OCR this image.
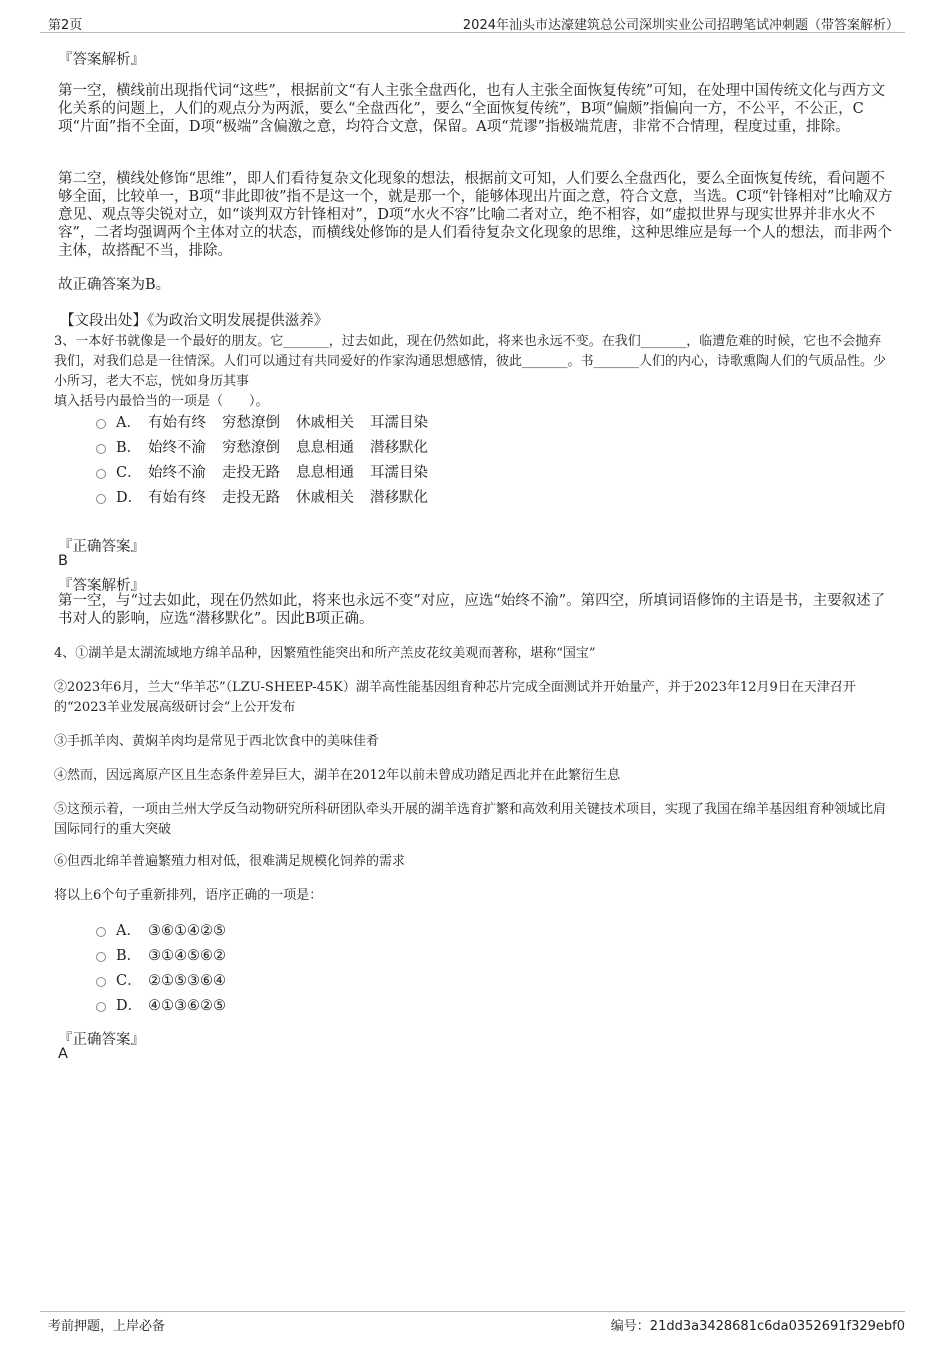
第2页	2024年汕头市达濠建筑总公司深圳实业公司招聘笔试冲刺题（带答案解析）
『答案解析』
第一空，横线前出现指代词“这些”，根据前文“有人主张全盘西化，也有人主张全面恢复传统”可知，在处理中国传统文化与西方文化关系的问题上，人们的观点分为两派，要么“全盘西化”，要么“全面恢复传统”，B项“偏颇”指偏向一方，不公平，不公正，C项“片面”指不全面，D项“极端”含偏激之意，均符合文意，保留。A项“荒谬”指极端荒唐，非常不合情理，程度过重，排除。
第二空，横线处修饰“思维”，即人们看待复杂文化现象的想法，根据前文可知，人们要么全盘西化，要么全面恢复传统，看问题不够全面，比较单一，B项“非此即彼”指不是这一个，就是那一个，能够体现出片面之意，符合文意，当选。C项“针锋相对”比喻双方意见、观点等尖锐对立，如“谈判双方针锋相对”，D项“水火不容”比喻二者对立，绝不相容，如“虚拟世界与现实世界并非水火不容”，二者均强调两个主体对立的状态，而横线处修饰的是人们看待复杂文化现象的思维，这种思维应是每一个人的想法，而非两个主体，故搭配不当，排除。
故正确答案为B。
【文段出处】《为政治文明发展提供滋养》
3、一本好书就像是一个最好的朋友。它_______，过去如此，现在仍然如此，将来也永远不变。在我们_______，临遭危难的时候，它也不会抛弃我们，对我们总是一往情深。人们可以通过有共同爱好的作家沟通思想感情，彼此_______。书_______人们的内心，诗歌熏陶人们的气质品性。少小所习，老大不忘，恍如身历其事
填入括号内最恰当的一项是（　　）。
A． 有始有终 穷愁潦倒 休戚相关 耳濡目染
B． 始终不渝 穷愁潦倒 息息相通 潜移默化
C． 始终不渝 走投无路 息息相通 耳濡目染
D． 有始有终 走投无路 休戚相关 潜移默化
『正确答案』
B
『答案解析』
第一空，与“过去如此，现在仍然如此，将来也永远不变”对应，应选“始终不渝”。第四空，所填词语修饰的主语是书，主要叙述了书对人的影响，应选“潜移默化”。因此B项正确。
4、①湖羊是太湖流域地方绵羊品种，因繁殖性能突出和所产羔皮花纹美观而著称，堪称“国宝”
②2023年6月，兰大“华羊芯”（LZU-SHEEP-45K）湖羊高性能基因组育种芯片完成全面测试并开始量产，并于2023年12月9日在天津召开的“2023羊业发展高级研讨会”上公开发布
③手抓羊肉、黄焖羊肉均是常见于西北饮食中的美味佳肴
④然而，因远离原产区且生态条件差异巨大，湖羊在2012年以前未曾成功踏足西北并在此繁衍生息
⑤这预示着，一项由兰州大学反刍动物研究所科研团队牵头开展的湖羊选育扩繁和高效利用关键技术项目，实现了我国在绵羊基因组育种领域比肩国际同行的重大突破
⑥但西北绵羊普遍繁殖力相对低，很难满足规模化饲养的需求
将以上6个句子重新排列，语序正确的一项是：
A． ③⑥①④②⑤
B． ③①④⑤⑥②
C． ②①⑤③⑥④
D． ④①③⑥②⑤
『正确答案』
A
考前押题，上岸必备	编号：21dd3a3428681c6da0352691f329ebf0
